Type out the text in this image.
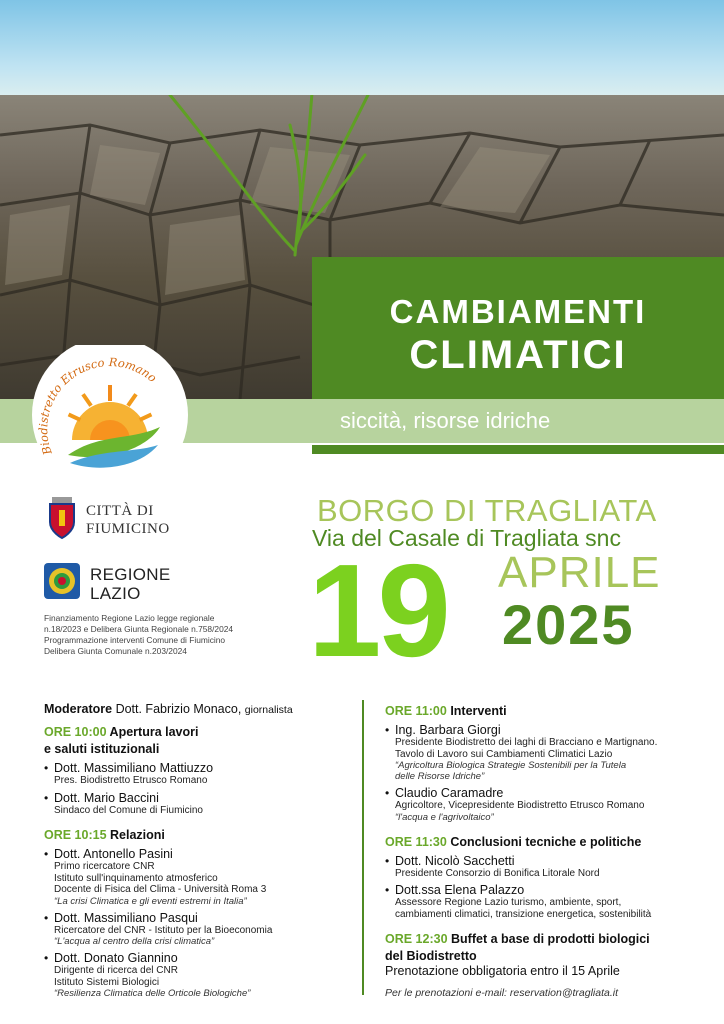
CAMBIAMENTI
CLIMATICI
siccità, risorse idriche
Biodistretto Etrusco Romano
CITTÀ DI
FIUMICINO
REGIONE
LAZIO
Finanziamento Regione Lazio legge regionale
n.18/2023 e Delibera Giunta Regionale n.758/2024
Programmazione interventi Comune di Fiumicino
Delibera Giunta Comunale n.203/2024
BORGO DI TRAGLIATA
Via del Casale di Tragliata snc
19 APRILE
2025
Moderatore Dott. Fabrizio Monaco, giornalista
ORE 10:00 Apertura lavori
e saluti istituzionali
• Dott. Massimiliano Mattiuzzo
Pres. Biodistretto Etrusco Romano
• Dott. Mario Baccini
Sindaco del Comune di Fiumicino
ORE 10:15 Relazioni
• Dott. Antonello Pasini
Primo ricercatore CNR
Istituto sull'inquinamento atmosferico
Docente di Fisica del Clima - Università Roma 3
“La crisi Climatica e gli eventi estremi in Italia”
• Dott. Massimiliano Pasqui
Ricercatore del CNR - Istituto per la Bioeconomia
“L'acqua al centro della crisi climatica”
• Dott. Donato Giannino
Dirigente di ricerca del CNR
Istituto Sistemi Biologici
“Resilienza Climatica delle Orticole Biologiche”
ORE 11:00 Interventi
• Ing. Barbara Giorgi
Presidente Biodistretto dei laghi di Bracciano e Martignano.
Tavolo di Lavoro sui Cambiamenti Climatici Lazio
“Agricoltura Biologica Strategie Sostenibili per la Tutela
delle Risorse Idriche”
• Claudio Caramadre
Agricoltore, Vicepresidente Biodistretto Etrusco Romano
“l'acqua e l'agrivoltaico”
ORE 11:30 Conclusioni tecniche e politiche
• Dott. Nicolò Sacchetti
Presidente Consorzio di Bonifica Litorale Nord
• Dott.ssa Elena Palazzo
Assessore Regione Lazio turismo, ambiente, sport,
cambiamenti climatici, transizione energetica, sostenibilità
ORE 12:30 Buffet a base di prodotti biologici
del Biodistretto
Prenotazione obbligatoria entro il 15 Aprile
Per le prenotazioni e-mail: reservation@tragliata.it
